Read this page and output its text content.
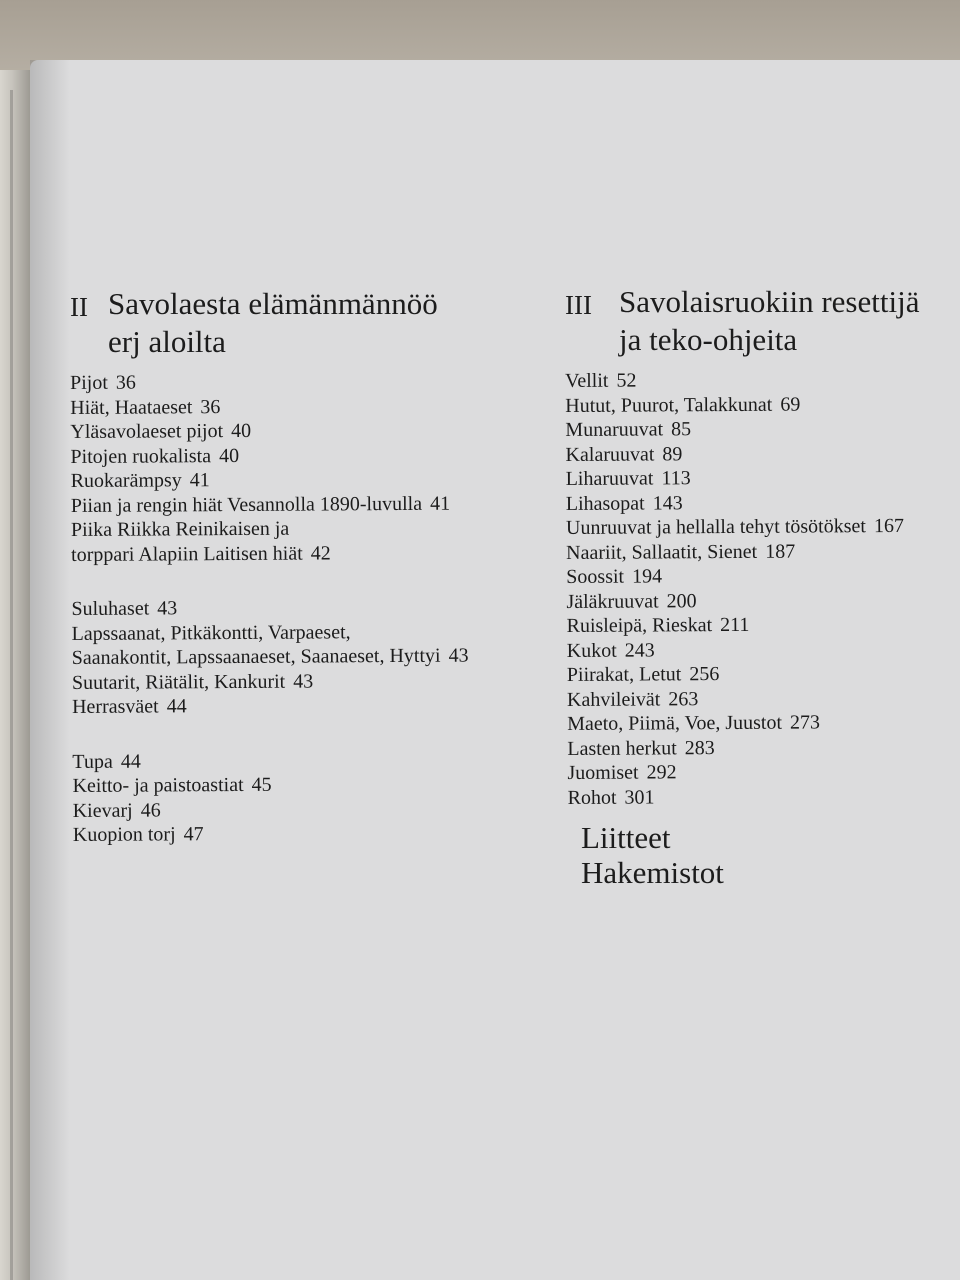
II Savolaesta elämänmännöö
erj aloilta
Pijot 36
Hiät, Haataeset 36
Yläsavolaeset pijot 40
Pitojen ruokalista 40
Ruokarämpsy 41
Piian ja rengin hiät Vesannolla 1890-luvulla 41
Piika Riikka Reinikaisen ja
torppari Alapiin Laitisen hiät 42
Suluhaset 43
Lapssaanat, Pitkäkontti, Varpaeset,
Saanakontit, Lapssaanaeset, Saanaeset, Hyttyi 43
Suutarit, Riätälit, Kankurit 43
Herrasväet 44
Tupa 44
Keitto- ja paistoastiat 45
Kievarj 46
Kuopion torj 47
III Savolaisruokiin resettijä
ja teko-ohjeita
Vellit 52
Hutut, Puurot, Talakkunat 69
Munaruuvat 85
Kalaruuvat 89
Liharuuvat 113
Lihasopat 143
Uunruuvat ja hellalla tehyt tösötökset 167
Naariit, Sallaatit, Sienet 187
Soossit 194
Jäläkruuvat 200
Ruisleipä, Rieskat 211
Kukot 243
Piirakat, Letut 256
Kahvileivät 263
Maeto, Piimä, Voe, Juustot 273
Lasten herkut 283
Juomiset 292
Rohot 301
Liitteet
Hakemistot
